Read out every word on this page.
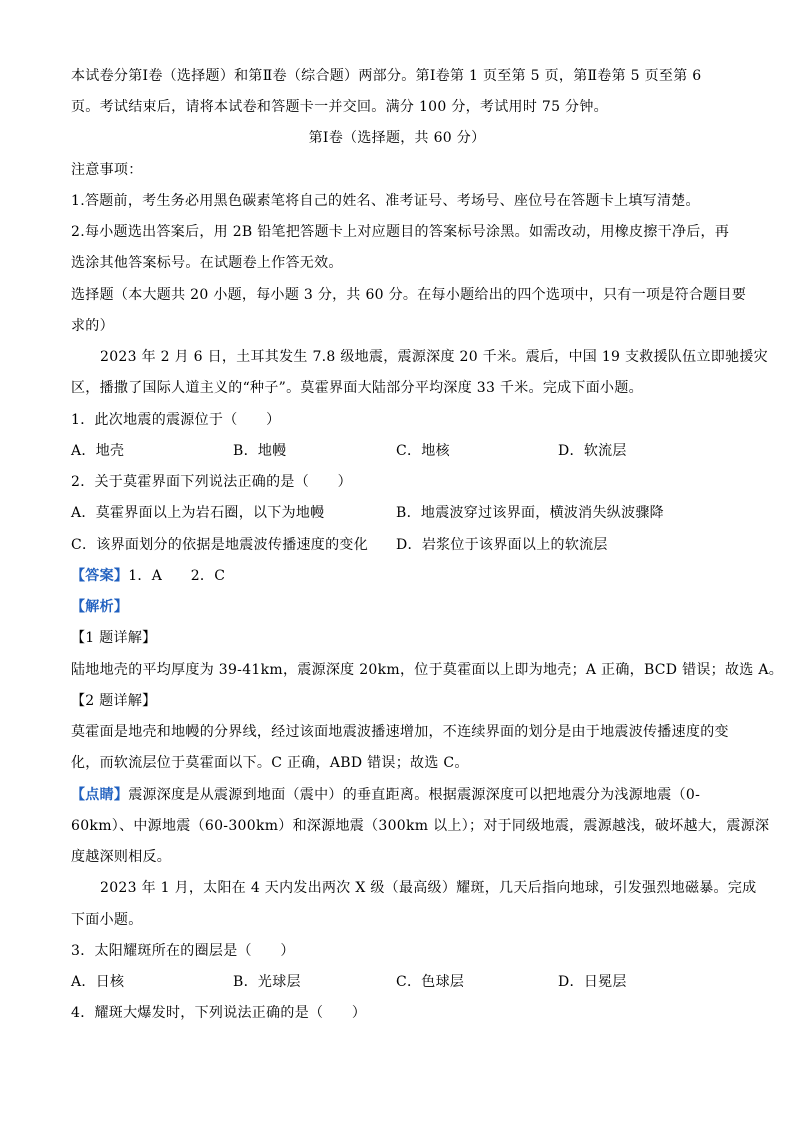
本试卷分第Ⅰ卷（选择题）和第Ⅱ卷（综合题）两部分。第Ⅰ卷第 1 页至第 5 页，第Ⅱ卷第 5 页至第 6
页。考试结束后，请将本试卷和答题卡一并交回。满分 100 分，考试用时 75 分钟。
第Ⅰ卷（选择题，共 60 分）
注意事项：
1.答题前，考生务必用黑色碳素笔将自己的姓名、准考证号、考场号、座位号在答题卡上填写清楚。
2.每小题选出答案后，用 2B 铅笔把答题卡上对应题目的答案标号涂黑。如需改动，用橡皮擦干净后，再
选涂其他答案标号。在试题卷上作答无效。
选择题（本大题共 20 小题，每小题 3 分，共 60 分。在每小题给出的四个选项中，只有一项是符合题目要
求的）
2023 年 2 月 6 日，土耳其发生 7.8 级地震，震源深度 20 千米。震后，中国 19 支救援队伍立即驰援灾
区，播撒了国际人道主义的“种子”。莫霍界面大陆部分平均深度 33 千米。完成下面小题。
1．此次地震的震源位于（　　）
A．地壳	B．地幔	C．地核	D．软流层
2．关于莫霍界面下列说法正确的是（　　）
A．莫霍界面以上为岩石圈，以下为地幔	B．地震波穿过该界面，横波消失纵波骤降
C．该界面划分的依据是地震波传播速度的变化 D．岩浆位于该界面以上的软流层
【答案】1．A　　2．C
【解析】
【1 题详解】
陆地地壳的平均厚度为 39-41km，震源深度 20km，位于莫霍面以上即为地壳；A 正确，BCD 错误；故选 A。
【2 题详解】
莫霍面是地壳和地幔的分界线，经过该面地震波播速增加，不连续界面的划分是由于地震波传播速度的变
化，而软流层位于莫霍面以下。C 正确，ABD 错误；故选 C。
【点睛】震源深度是从震源到地面（震中）的垂直距离。根据震源深度可以把地震分为浅源地震（0-
60km）、中源地震（60-300km）和深源地震（300km 以上）；对于同级地震，震源越浅，破坏越大，震源深
度越深则相反。
2023 年 1 月，太阳在 4 天内发出两次 X 级（最高级）耀斑，几天后指向地球，引发强烈地磁暴。完成
下面小题。
3．太阳耀斑所在的圈层是（　　）
A．日核	B．光球层	C．色球层	D．日冕层
4．耀斑大爆发时，下列说法正确的是（　　）
